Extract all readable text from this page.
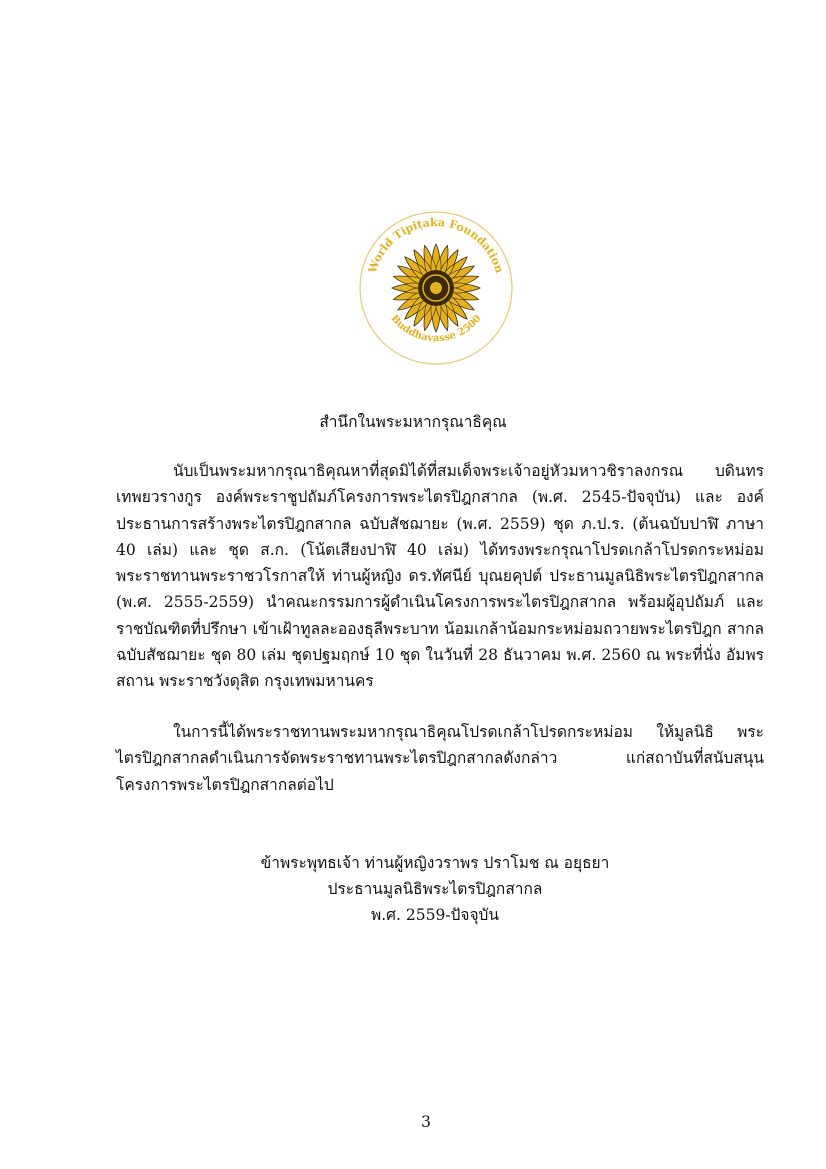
World Tipiṭaka Foundation
Buddhavasse 2500
สำนึกในพระมหากรุณาธิคุณ

นับเป็นพระมหากรุณาธิคุณหาที่สุดมิได้ที่สมเด็จพระเจ้าอยู่หัวมหาวชิราลงกรณ บดินทรเทพยวรางกูร องค์พระราชูปถัมภ์โครงการพระไตรปิฎกสากล (พ.ศ. 2545-ปัจจุบัน) และ องค์ประธานการสร้างพระไตรปิฎกสากล ฉบับสัชฌายะ (พ.ศ. 2559) ชุด ภ.ป.ร. (ต้นฉบับปาฬิ ภาษา 40 เล่ม) และ ชุด ส.ก. (โน้ตเสียงปาฬิ 40 เล่ม) ได้ทรงพระกรุณาโปรดเกล้าโปรดกระหม่อม พระราชทานพระราชวโรกาสให้ ท่านผู้หญิง ดร.ทัศนีย์ บุณยคุปต์ ประธานมูลนิธิพระไตรปิฎกสากล (พ.ศ. 2555-2559) นำคณะกรรมการผู้ดำเนินโครงการพระไตรปิฎกสากล พร้อมผู้อุปถัมภ์ และ ราชบัณฑิตที่ปรึกษา เข้าเฝ้าทูลละอองธุลีพระบาท น้อมเกล้าน้อมกระหม่อมถวายพระไตรปิฎก สากล ฉบับสัชฌายะ ชุด 80 เล่ม ชุดปฐมฤกษ์ 10 ชุด ในวันที่ 28 ธันวาคม พ.ศ. 2560 ณ พระที่นั่ง อัมพรสถาน พระราชวังดุสิต กรุงเทพมหานคร

ในการนี้ได้พระราชทานพระมหากรุณาธิคุณโปรดเกล้าโปรดกระหม่อม ให้มูลนิธิ พระไตรปิฎกสากลดำเนินการจัดพระราชทานพระไตรปิฎกสากลดังกล่าว แก่สถาบันที่สนับสนุน โครงการพระไตรปิฎกสากลต่อไป

ข้าพระพุทธเจ้า ท่านผู้หญิงวราพร ปราโมช ณ อยุธยา
ประธานมูลนิธิพระไตรปิฎกสากล
พ.ศ. 2559-ปัจจุบัน
3
